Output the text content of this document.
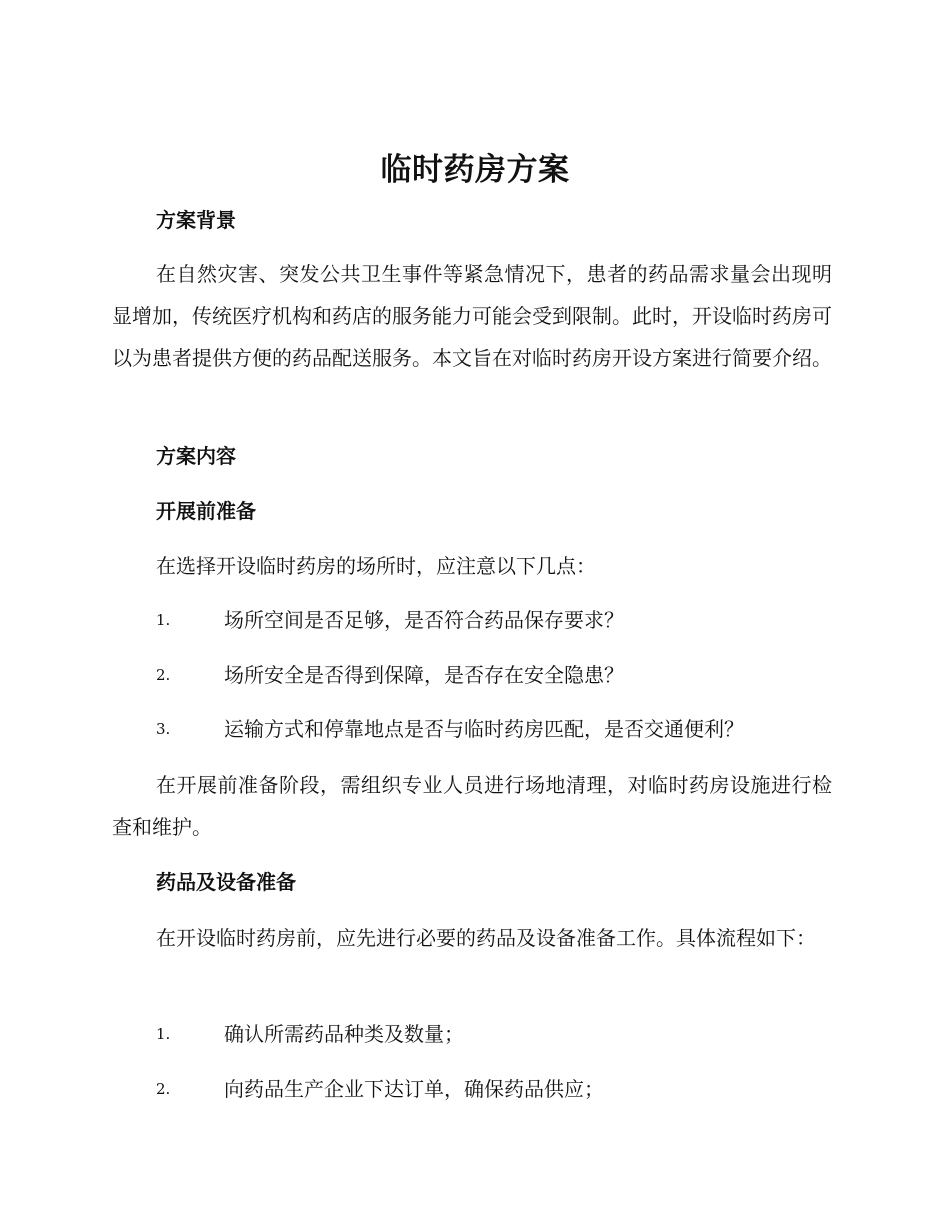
临时药房方案
方案背景

在自然灾害、突发公共卫生事件等紧急情况下，患者的药品需求量会出现明显增加，传统医疗机构和药店的服务能力可能会受到限制。此时，开设临时药房可以为患者提供方便的药品配送服务。本文旨在对临时药房开设方案进行简要介绍。

方案内容
开展前准备
在选择开设临时药房的场所时，应注意以下几点：
1.	场所空间是否足够，是否符合药品保存要求？
2.	场所安全是否得到保障，是否存在安全隐患？
3.	运输方式和停靠地点是否与临时药房匹配，是否交通便利？

在开展前准备阶段，需组织专业人员进行场地清理，对临时药房设施进行检查和维护。

药品及设备准备

在开设临时药房前，应先进行必要的药品及设备准备工作。具体流程如下：

1.	确认所需药品种类及数量；
2.	向药品生产企业下达订单，确保药品供应；
